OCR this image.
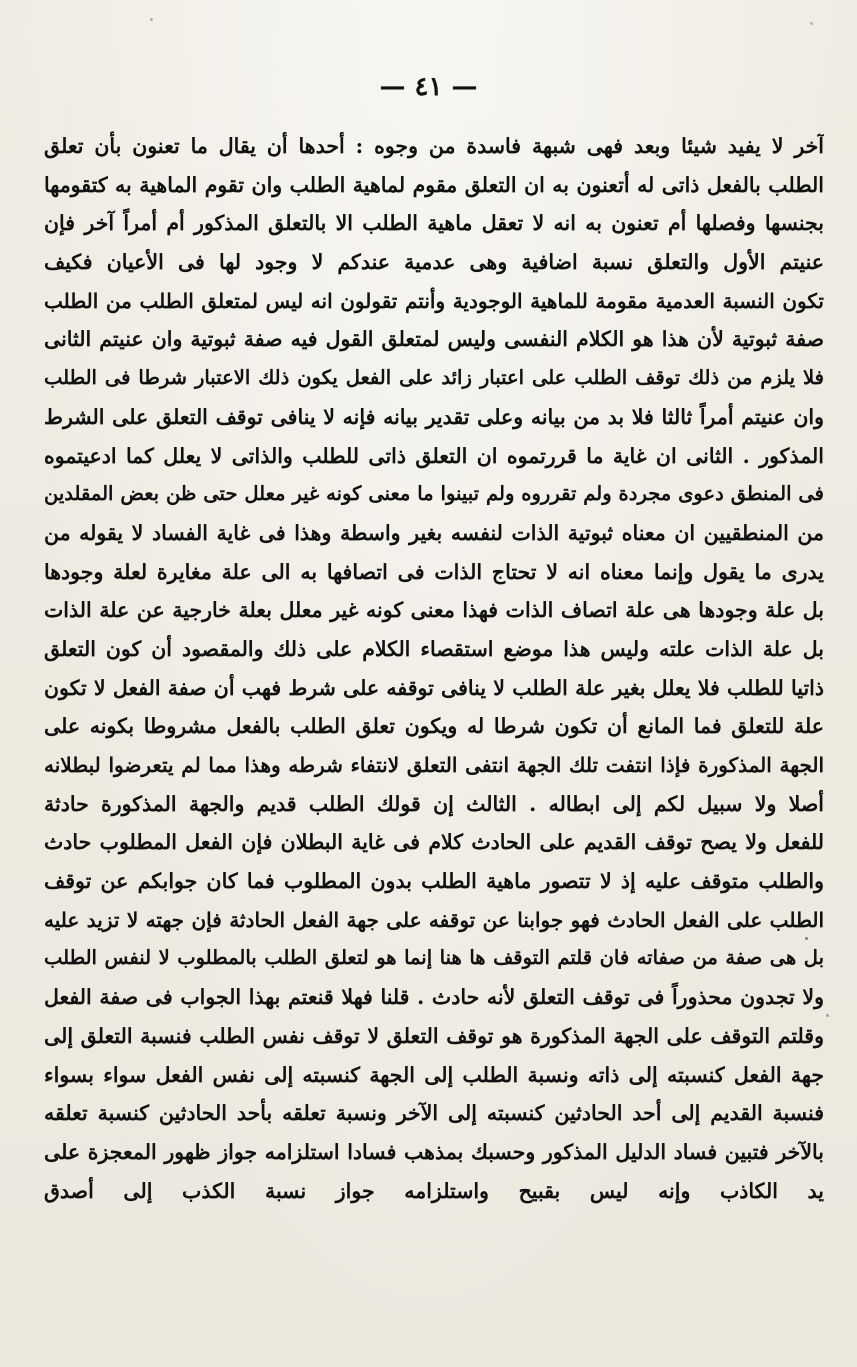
— ٤١ —
آخر لا يفيد شيئا وبعد فهى شبهة فاسدة من وجوه : أحدها أن يقال ما تعنون بأن تعلق
الطلب بالفعل ذاتى له أتعنون به ان التعلق مقوم لماهية الطلب وان تقوم الماهية به كتقومها
بجنسها وفصلها أم تعنون به انه لا تعقل ماهية الطلب الا بالتعلق المذكور أم أمراً آخر فإن
عنيتم الأول والتعلق نسبة اضافية وهى عدمية عندكم لا وجود لها فى الأعيان فكيف
تكون النسبة العدمية مقومة للماهية الوجودية وأنتم تقولون انه ليس لمتعلق الطلب من الطلب
صفة ثبوتية لأن هذا هو الكلام النفسى وليس لمتعلق القول فيه صفة ثبوتية وان عنيتم الثانى
فلا يلزم من ذلك توقف الطلب على اعتبار زائد على الفعل يكون ذلك الاعتبار شرطا فى الطلب
وان عنيتم أمراً ثالثا فلا بد من بيانه وعلى تقدير بيانه فإنه لا ينافى توقف التعلق على الشرط
المذكور . الثانى ان غاية ما قررتموه ان التعلق ذاتى للطلب والذاتى لا يعلل كما ادعيتموه
فى المنطق دعوى مجردة ولم تقرروه ولم تبينوا ما معنى كونه غير معلل حتى ظن بعض المقلدين
من المنطقيين ان معناه ثبوتية الذات لنفسه بغير واسطة وهذا فى غاية الفساد لا يقوله من
يدرى ما يقول وإنما معناه انه لا تحتاج الذات فى اتصافها به الى علة مغايرة لعلة وجودها
بل علة وجودها هى علة اتصاف الذات فهذا معنى كونه غير معلل بعلة خارجية عن علة الذات
بل علة الذات علته وليس هذا موضع استقصاء الكلام على ذلك والمقصود أن كون التعلق
ذاتيا للطلب فلا يعلل بغير علة الطلب لا ينافى توقفه على شرط فهب أن صفة الفعل لا تكون
علة للتعلق فما المانع أن تكون شرطا له ويكون تعلق الطلب بالفعل مشروطا بكونه على
الجهة المذكورة فإذا انتفت تلك الجهة انتفى التعلق لانتفاء شرطه وهذا مما لم يتعرضوا لبطلانه
أصلا ولا سبيل لكم إلى ابطاله . الثالث إن قولك الطلب قديم والجهة المذكورة حادثة
للفعل ولا يصح توقف القديم على الحادث كلام فى غاية البطلان فإن الفعل المطلوب حادث
والطلب متوقف عليه إذ لا تتصور ماهية الطلب بدون المطلوب فما كان جوابكم عن توقف
الطلب على الفعل الحادث فهو جوابنا عن توقفه على جهة الفعل الحادثة فإن جهته لا تزيد عليه
بل هى صفة من صفاته فان قلتم التوقف ها هنا إنما هو لتعلق الطلب بالمطلوب لا لنفس الطلب
ولا تجدون محذوراً فى توقف التعلق لأنه حادث . قلنا فهلا قنعتم بهذا الجواب فى صفة الفعل
وقلتم التوقف على الجهة المذكورة هو توقف التعلق لا توقف نفس الطلب فنسبة التعلق إلى
جهة الفعل كنسبته إلى ذاته ونسبة الطلب إلى الجهة كنسبته إلى نفس الفعل سواء بسواء
فنسبة القديم إلى أحد الحادثين كنسبته إلى الآخر ونسبة تعلقه بأحد الحادثين كنسبة تعلقه
بالآخر فتبين فساد الدليل المذكور وحسبك بمذهب فسادا استلزامه جواز ظهور المعجزة على
يد الكاذب وإنه ليس بقبيح واستلزامه جواز نسبة الكذب إلى أصدق
